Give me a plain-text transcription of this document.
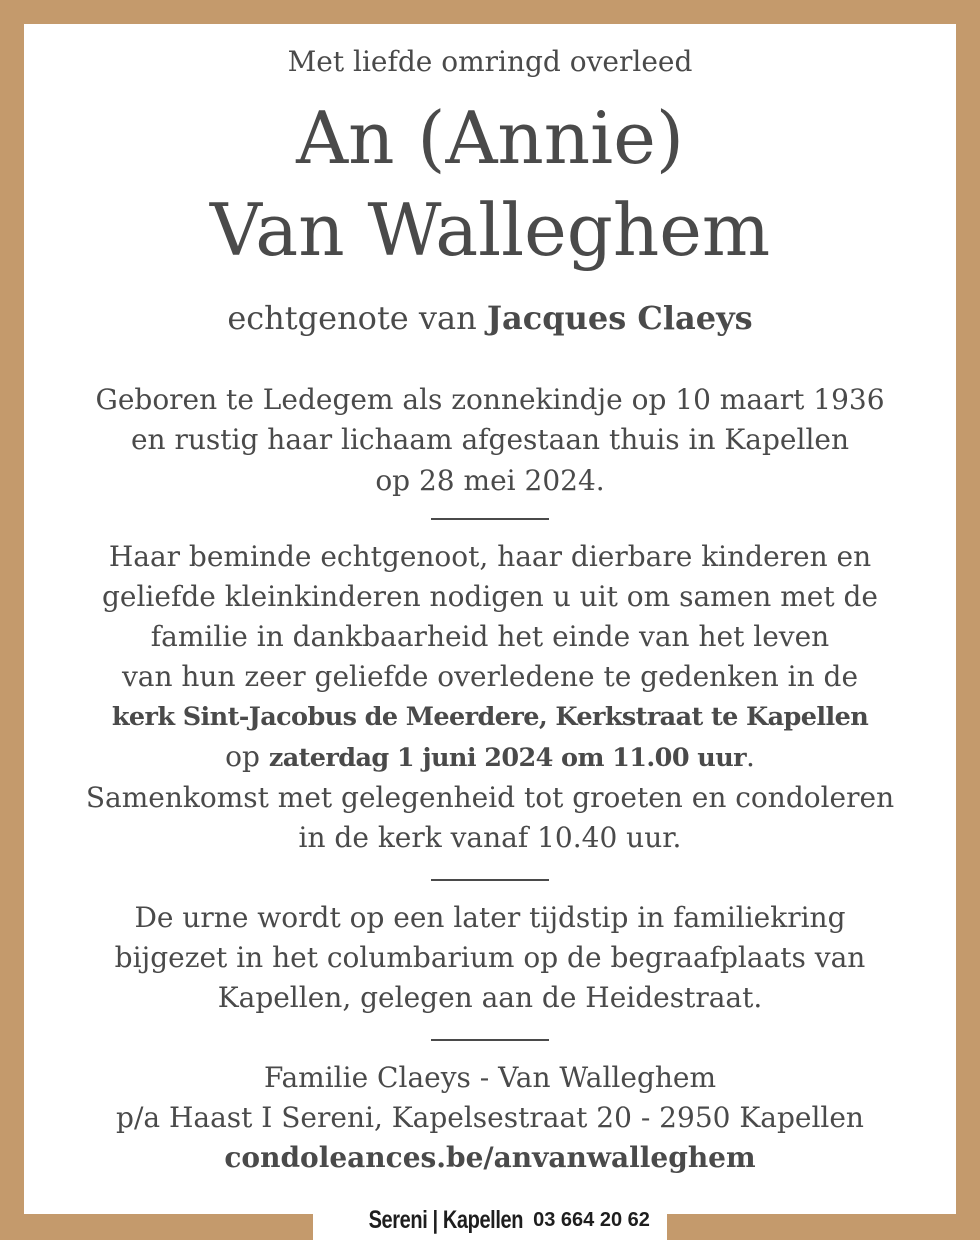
Met liefde omringd overleed
An (Annie)
Van Walleghem
echtgenote van Jacques Claeys
Geboren te Ledegem als zonnekindje op 10 maart 1936
en rustig haar lichaam afgestaan thuis in Kapellen
op 28 mei 2024.
Haar beminde echtgenoot, haar dierbare kinderen en
geliefde kleinkinderen nodigen u uit om samen met de
familie in dankbaarheid het einde van het leven
van hun zeer geliefde overledene te gedenken in de
kerk Sint-Jacobus de Meerdere, Kerkstraat te Kapellen
op zaterdag 1 juni 2024 om 11.00 uur.
Samenkomst met gelegenheid tot groeten en condoleren
in de kerk vanaf 10.40 uur.
De urne wordt op een later tijdstip in familiekring
bijgezet in het columbarium op de begraafplaats van
Kapellen, gelegen aan de Heidestraat.
Familie Claeys - Van Walleghem
p/a Haast I Sereni, Kapelsestraat 20 - 2950 Kapellen
condoleances.be/anvanwalleghem
Sereni | Kapellen 03 664 20 62
